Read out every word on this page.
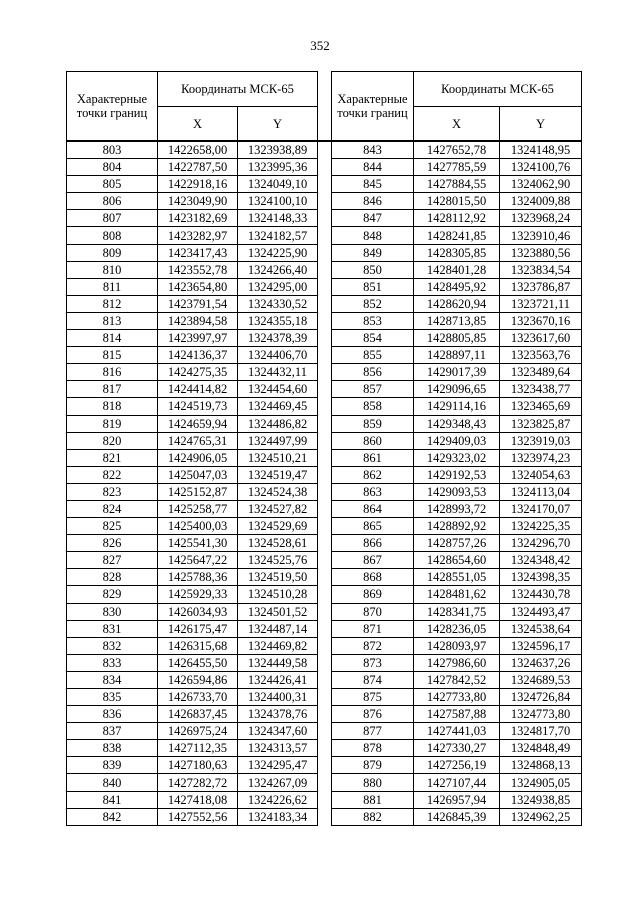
352
Характерные точки границ	Координаты МСК-65			Характерные точки границ	Координаты МСК-65	
	X	Y			X	Y
803	1422658,00	1323938,89		843	1427652,78	1324148,95
804	1422787,50	1323995,36		844	1427785,59	1324100,76
805	1422918,16	1324049,10		845	1427884,55	1324062,90
806	1423049,90	1324100,10		846	1428015,50	1324009,88
807	1423182,69	1324148,33		847	1428112,92	1323968,24
808	1423282,97	1324182,57		848	1428241,85	1323910,46
809	1423417,43	1324225,90		849	1428305,85	1323880,56
810	1423552,78	1324266,40		850	1428401,28	1323834,54
811	1423654,80	1324295,00		851	1428495,92	1323786,87
812	1423791,54	1324330,52		852	1428620,94	1323721,11
813	1423894,58	1324355,18		853	1428713,85	1323670,16
814	1423997,97	1324378,39		854	1428805,85	1323617,60
815	1424136,37	1324406,70		855	1428897,11	1323563,76
816	1424275,35	1324432,11		856	1429017,39	1323489,64
817	1424414,82	1324454,60		857	1429096,65	1323438,77
818	1424519,73	1324469,45		858	1429114,16	1323465,69
819	1424659,94	1324486,82		859	1429348,43	1323825,87
820	1424765,31	1324497,99		860	1429409,03	1323919,03
821	1424906,05	1324510,21		861	1429323,02	1323974,23
822	1425047,03	1324519,47		862	1429192,53	1324054,63
823	1425152,87	1324524,38		863	1429093,53	1324113,04
824	1425258,77	1324527,82		864	1428993,72	1324170,07
825	1425400,03	1324529,69		865	1428892,92	1324225,35
826	1425541,30	1324528,61		866	1428757,26	1324296,70
827	1425647,22	1324525,76		867	1428654,60	1324348,42
828	1425788,36	1324519,50		868	1428551,05	1324398,35
829	1425929,33	1324510,28		869	1428481,62	1324430,78
830	1426034,93	1324501,52		870	1428341,75	1324493,47
831	1426175,47	1324487,14		871	1428236,05	1324538,64
832	1426315,68	1324469,82		872	1428093,97	1324596,17
833	1426455,50	1324449,58		873	1427986,60	1324637,26
834	1426594,86	1324426,41		874	1427842,52	1324689,53
835	1426733,70	1324400,31		875	1427733,80	1324726,84
836	1426837,45	1324378,76		876	1427587,88	1324773,80
837	1426975,24	1324347,60		877	1427441,03	1324817,70
838	1427112,35	1324313,57		878	1427330,27	1324848,49
839	1427180,63	1324295,47		879	1427256,19	1324868,13
840	1427282,72	1324267,09		880	1427107,44	1324905,05
841	1427418,08	1324226,62		881	1426957,94	1324938,85
842	1427552,56	1324183,34		882	1426845,39	1324962,25
